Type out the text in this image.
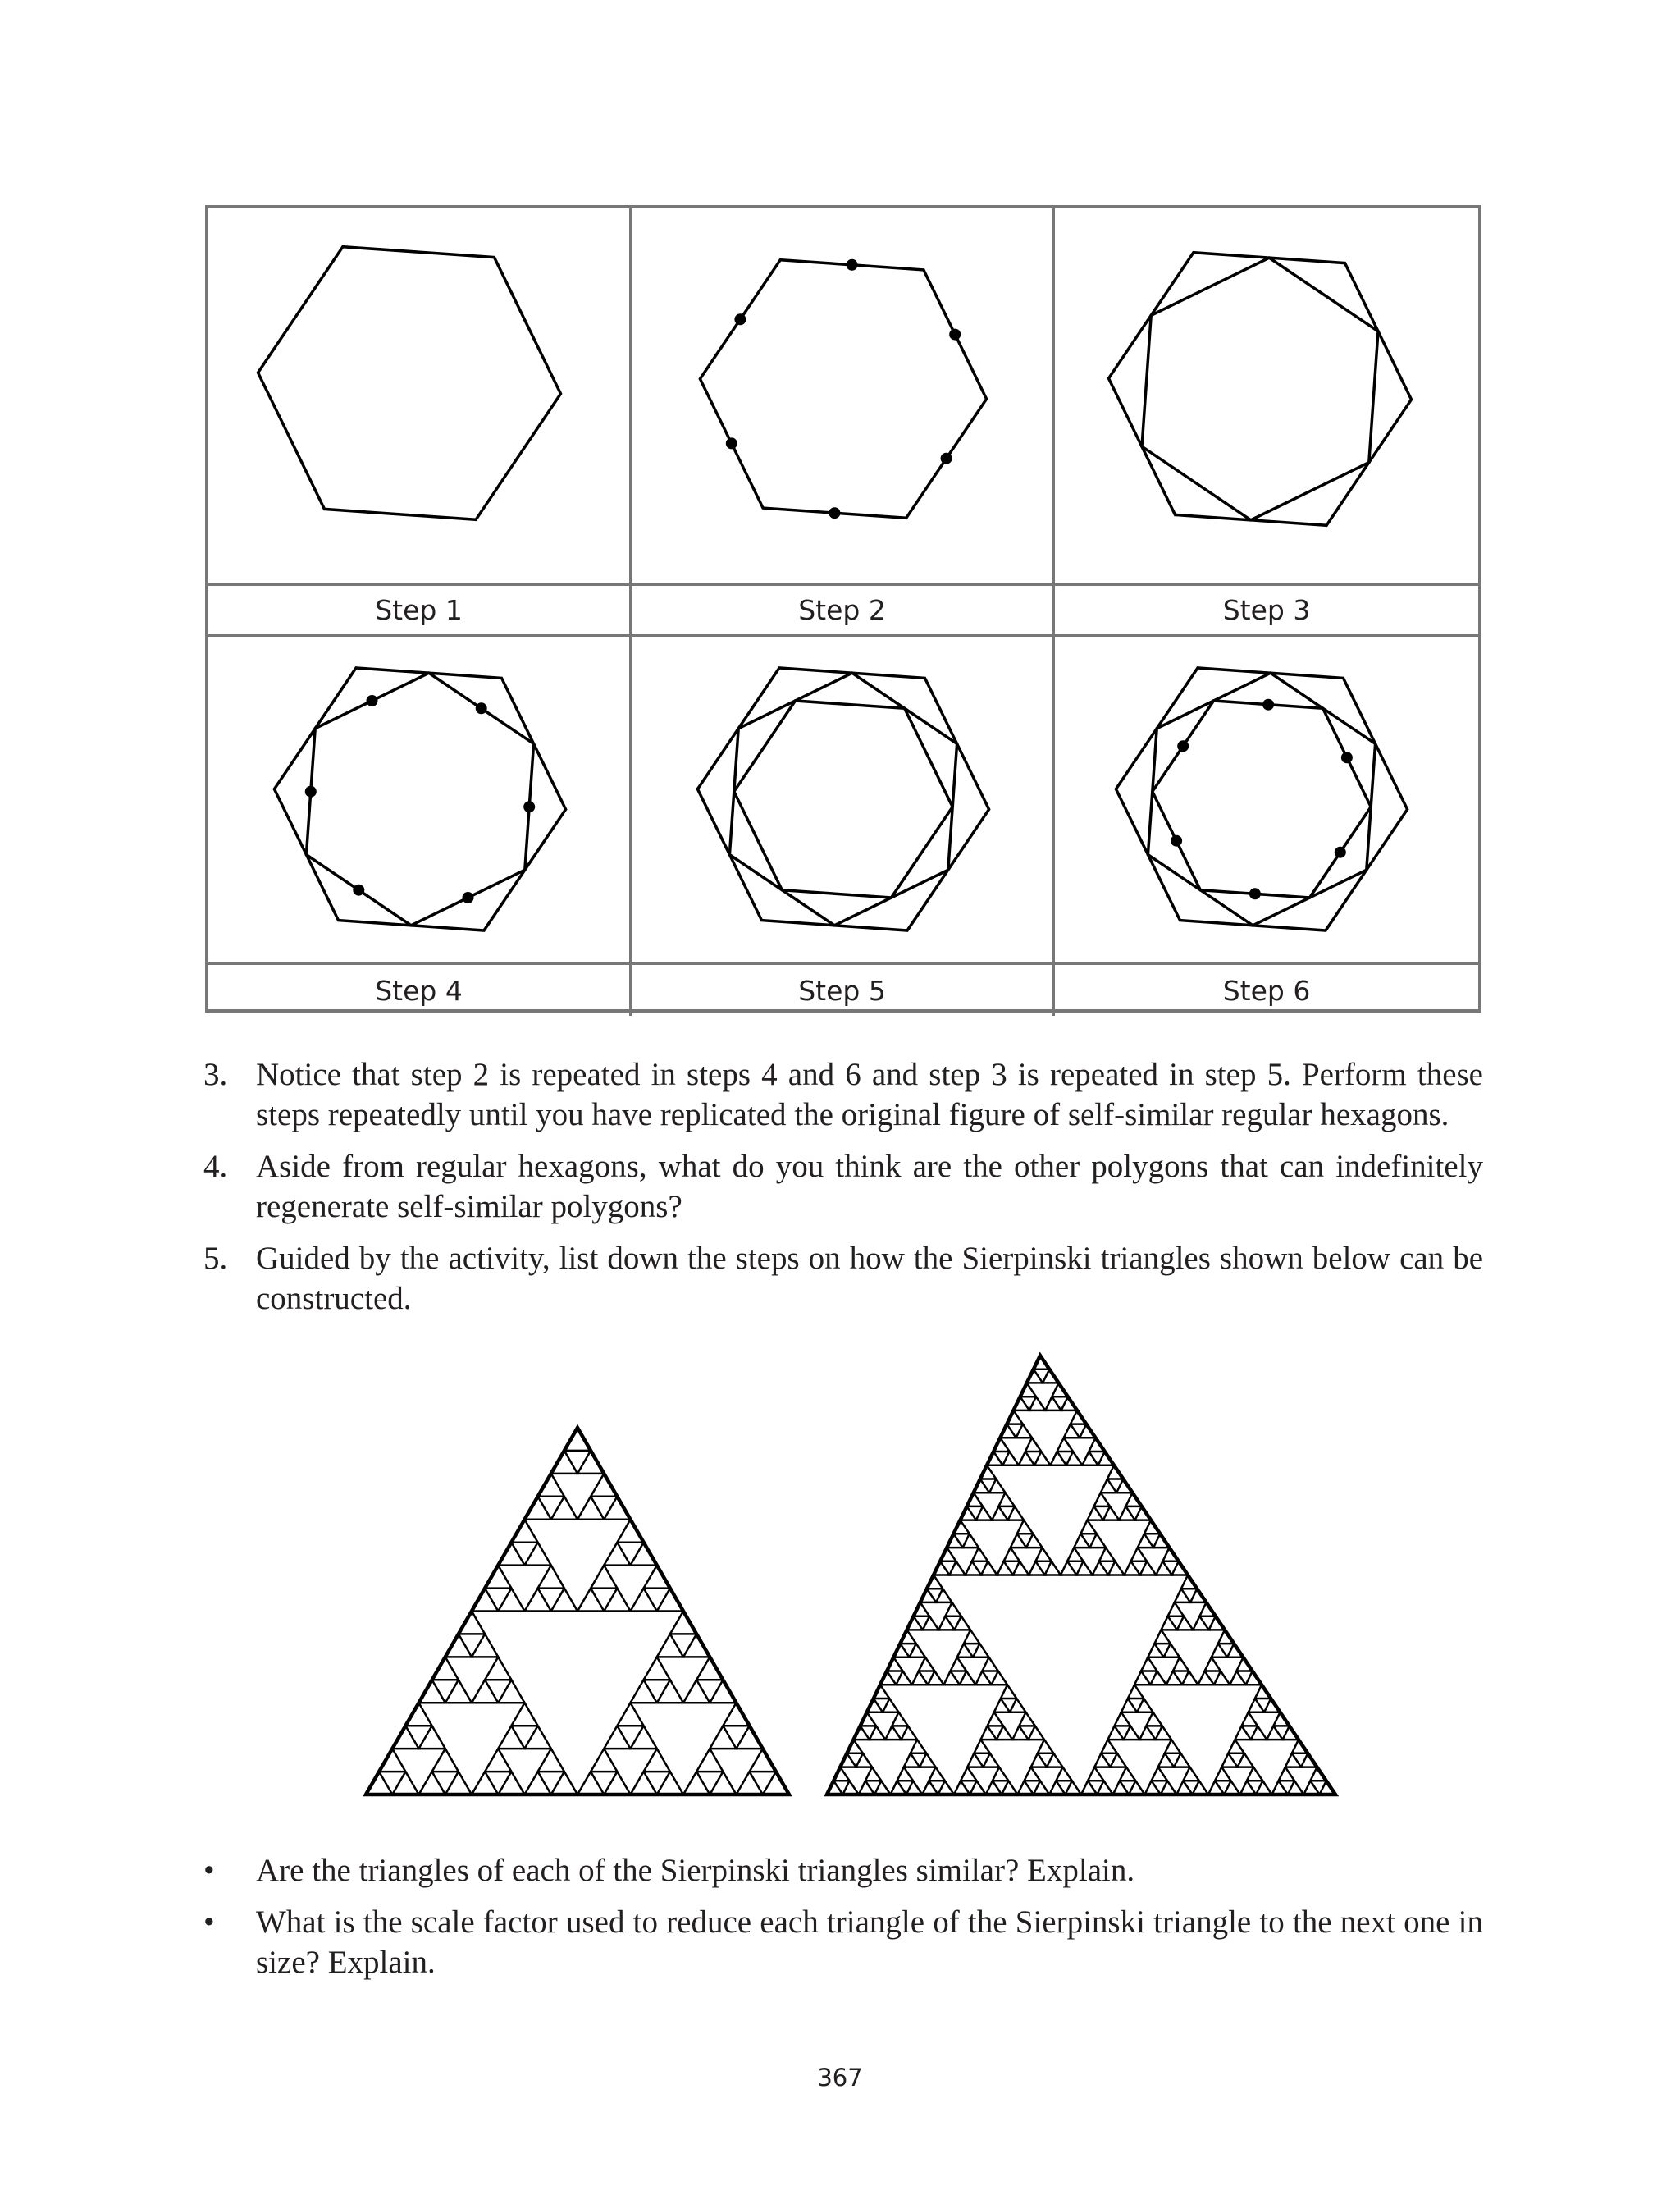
Step 1	Step 2	Step 3
Step 4	Step 5	Step 6
3. Notice that step 2 is repeated in steps 4 and 6 and step 3 is repeated in step 5. Perform these steps repeatedly until you have replicated the original figure of self-similar regular hexagons.
4. Aside from regular hexagons, what do you think are the other polygons that can indefinitely regenerate self-similar polygons?
5. Guided by the activity, list down the steps on how the Sierpinski triangles shown below can be constructed.
• Are the triangles of each of the Sierpinski triangles similar? Explain.
• What is the scale factor used to reduce each triangle of the Sierpinski triangle to the next one in size? Explain.
367
